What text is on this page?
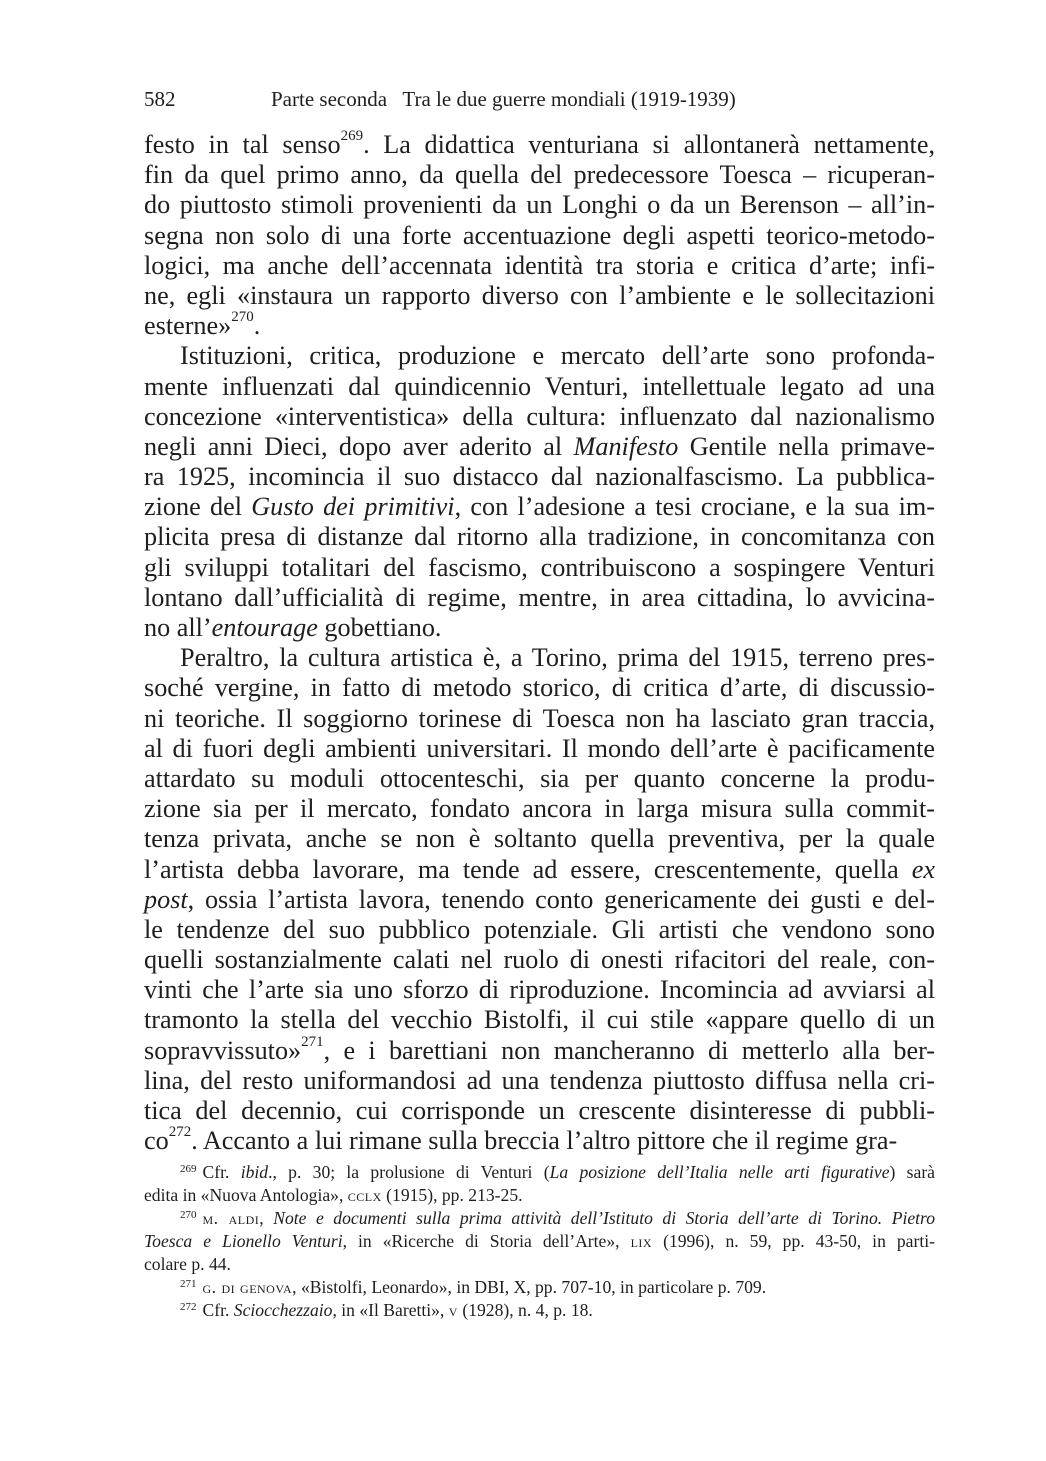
582	Parte seconda   Tra le due guerre mondiali (1919-1939)
festo in tal senso$^{269}$. La didattica venturiana si allontanerà nettamente,
fin da quel primo anno, da quella del predecessore Toesca – ricuperan-
do piuttosto stimoli provenienti da un Longhi o da un Berenson – all’in-
segna non solo di una forte accentuazione degli aspetti teorico-metodo-
logici, ma anche dell’accennata identità tra storia e critica d’arte; infi-
ne, egli «instaura un rapporto diverso con l’ambiente e le sollecitazioni
esterne»$^{270}$.
Istituzioni, critica, produzione e mercato dell’arte sono profonda-
mente influenzati dal quindicennio Venturi, intellettuale legato ad una
concezione «interventistica» della cultura: influenzato dal nazionalismo
negli anni Dieci, dopo aver aderito al Manifesto Gentile nella primave-
ra 1925, incomincia il suo distacco dal nazionalfascismo. La pubblica-
zione del Gusto dei primitivi, con l’adesione a tesi crociane, e la sua im-
plicita presa di distanze dal ritorno alla tradizione, in concomitanza con
gli sviluppi totalitari del fascismo, contribuiscono a sospingere Venturi
lontano dall’ufficialità di regime, mentre, in area cittadina, lo avvicina-
no all’entourage gobettiano.
Peraltro, la cultura artistica è, a Torino, prima del 1915, terreno pres-
soché vergine, in fatto di metodo storico, di critica d’arte, di discussio-
ni teoriche. Il soggiorno torinese di Toesca non ha lasciato gran traccia,
al di fuori degli ambienti universitari. Il mondo dell’arte è pacificamente
attardato su moduli ottocenteschi, sia per quanto concerne la produ-
zione sia per il mercato, fondato ancora in larga misura sulla commit-
tenza privata, anche se non è soltanto quella preventiva, per la quale
l’artista debba lavorare, ma tende ad essere, crescentemente, quella ex
post, ossia l’artista lavora, tenendo conto genericamente dei gusti e del-
le tendenze del suo pubblico potenziale. Gli artisti che vendono sono
quelli sostanzialmente calati nel ruolo di onesti rifacitori del reale, con-
vinti che l’arte sia uno sforzo di riproduzione. Incomincia ad avviarsi al
tramonto la stella del vecchio Bistolfi, il cui stile «appare quello di un
sopravvissuto»$^{271}$, e i barettiani non mancheranno di metterlo alla ber-
lina, del resto uniformandosi ad una tendenza piuttosto diffusa nella cri-
tica del decennio, cui corrisponde un crescente disinteresse di pubbli-
$co^{272}$. Accanto a lui rimane sulla breccia l’altro pittore che il regime gra-
$^{269}$ Cfr. ibid., p. 30; la prolusione di Venturi (La posizione dell’Italia nelle arti figurative) sarà
edita in «Nuova Antologia», cclx (1915), pp. 213-25.
$^{270}$ m. aldi, Note e documenti sulla prima attività dell’Istituto di Storia dell’arte di Torino. Pietro
Toesca e Lionello Venturi, in «Ricerche di Storia dell’Arte», lix (1996), n. 59, pp. 43-50, in parti-
colare p. 44.
$^{271}$ g. di genova, «Bistolfi, Leonardo», in DBI, X, pp. 707-10, in particolare p. 709.
$^{272}$ Cfr. Sciocchezzaio, in «Il Baretti», v (1928), n. 4, p. 18.
